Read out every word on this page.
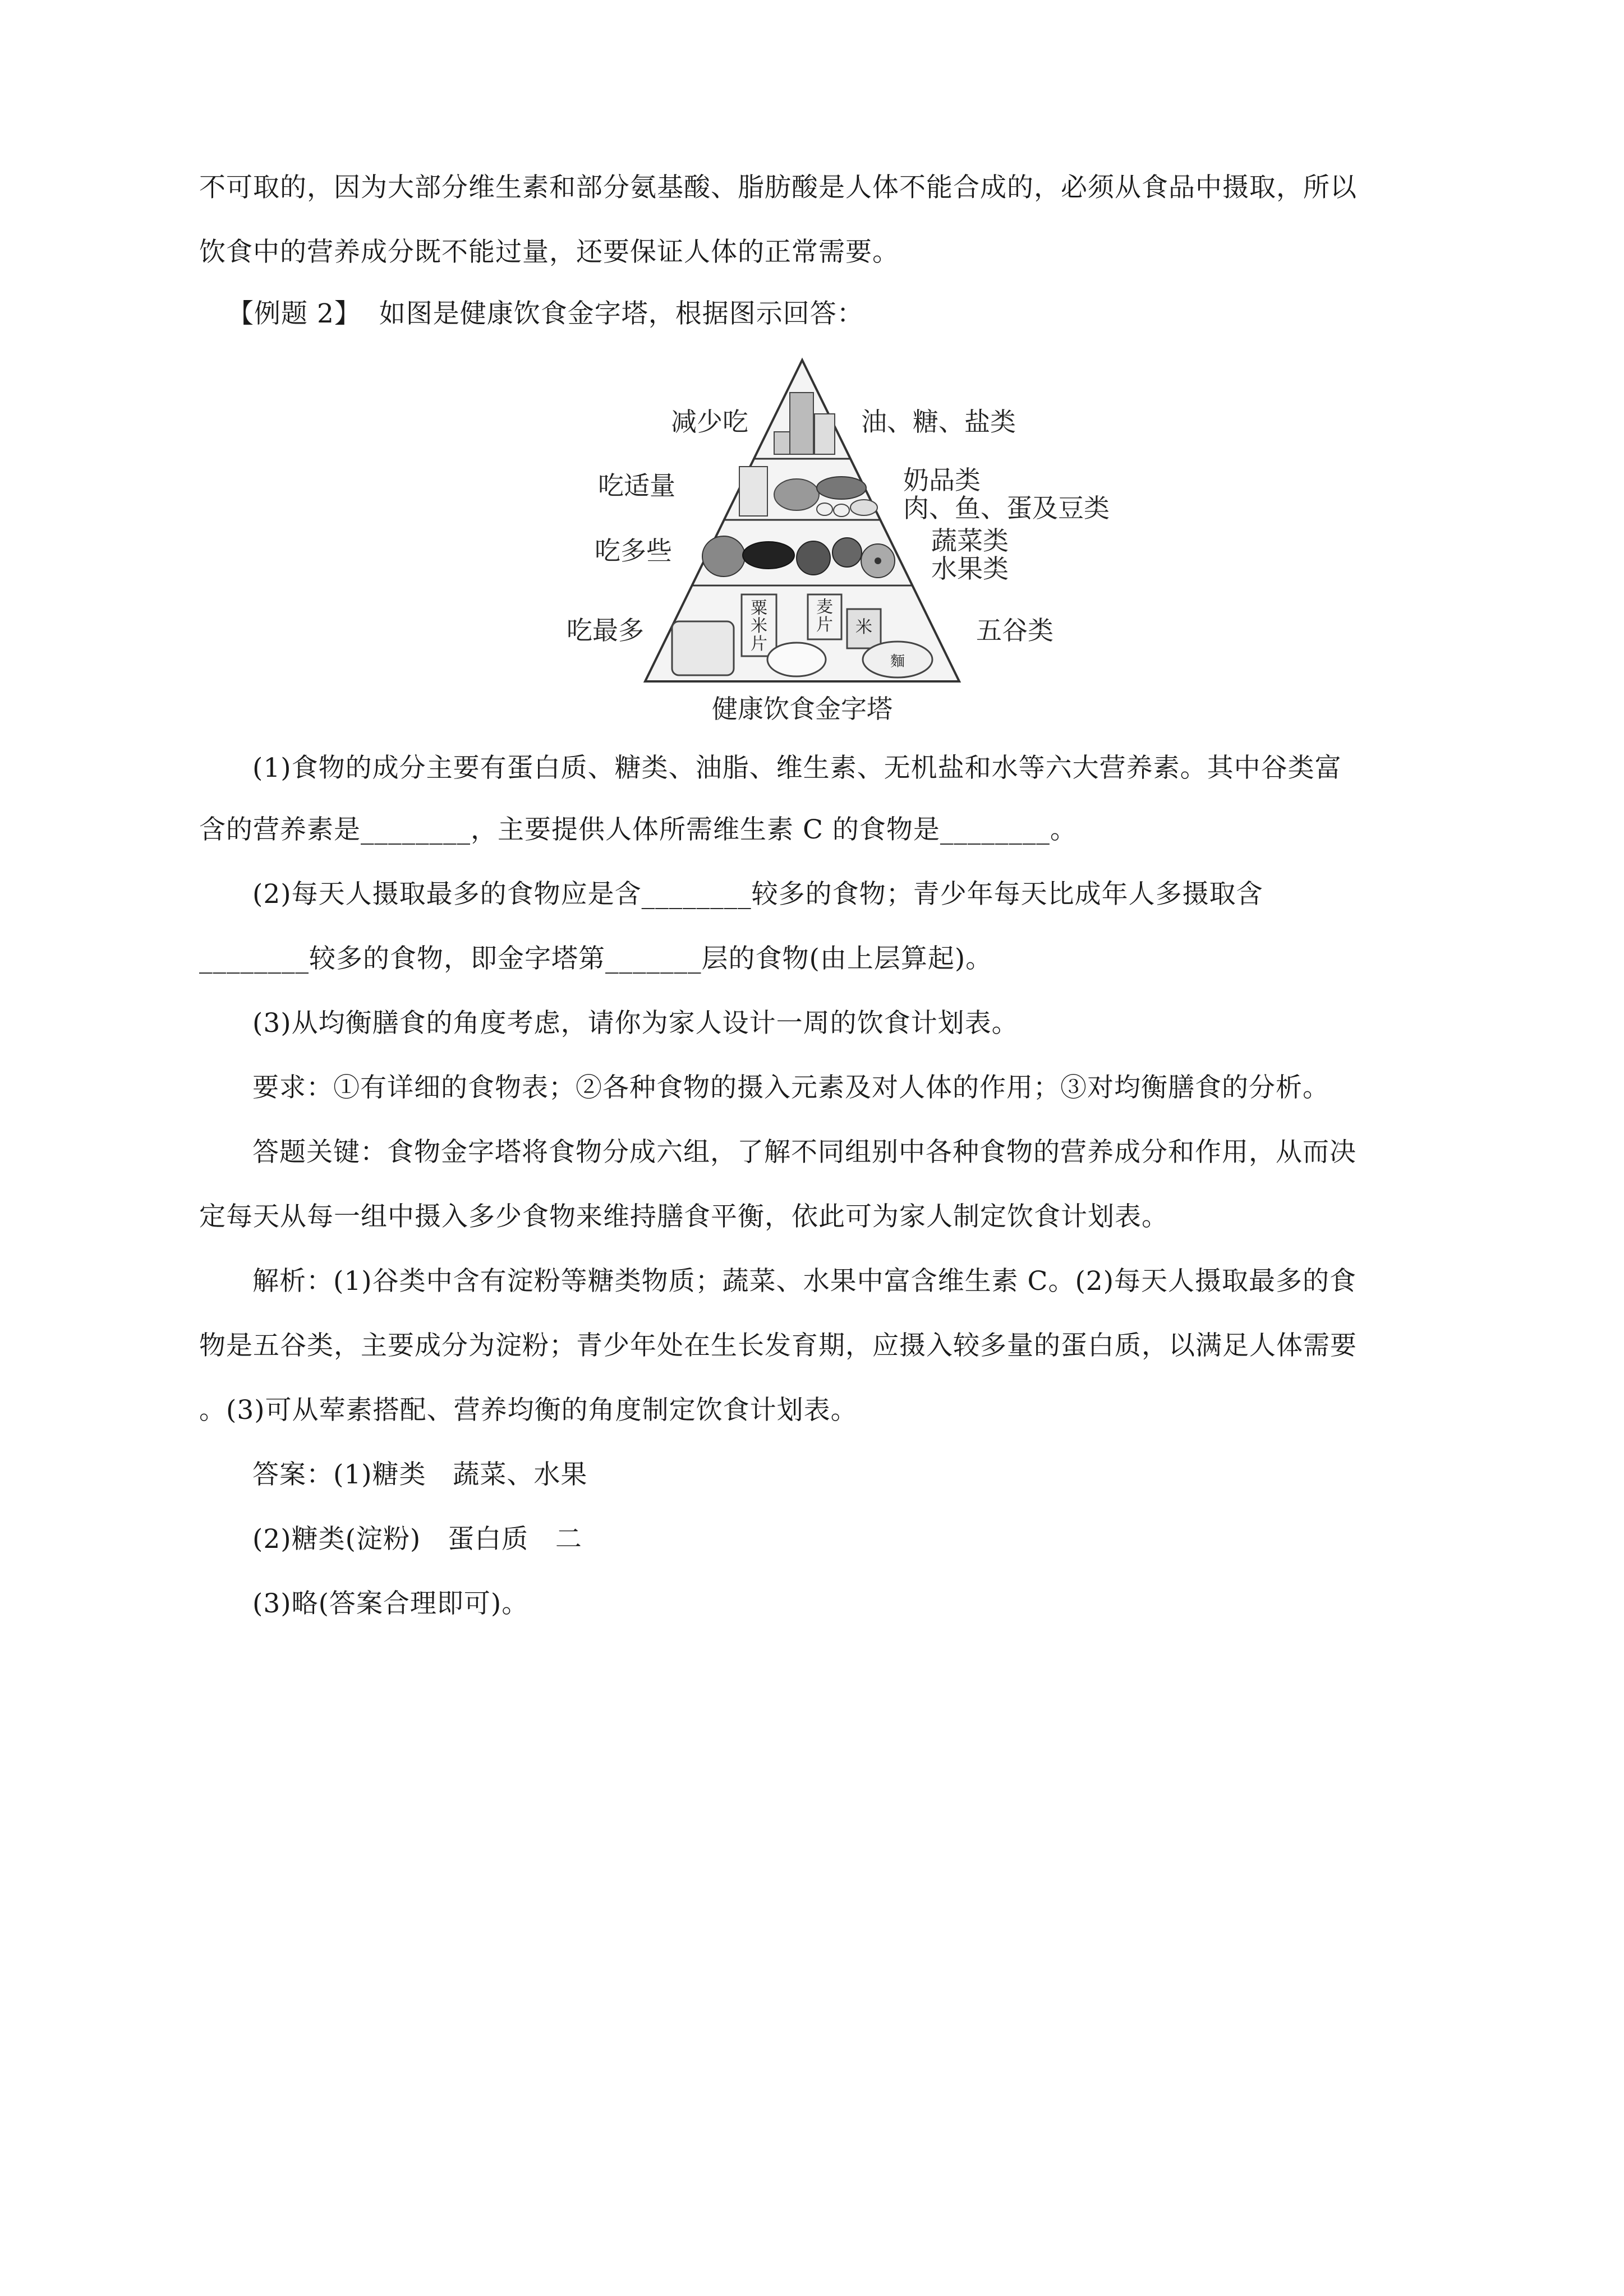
不可取的，因为大部分维生素和部分氨基酸、脂肪酸是人体不能合成的，必须从食品中摄取，所以
饮食中的营养成分既不能过量，还要保证人体的正常需要。
【例题 2】  如图是健康饮食金字塔，根据图示回答：
粟
米
片
麦
片 米
麵
减少吃
吃适量
吃多些
吃最多
油、糖、盐类
奶品类
肉、鱼、蛋及豆类
蔬菜类
水果类
五谷类
健康饮食金字塔
(1)食物的成分主要有蛋白质、糖类、油脂、维生素、无机盐和水等六大营养素。其中谷类富
含的营养素是________，主要提供人体所需维生素 C 的食物是________。
(2)每天人摄取最多的食物应是含________较多的食物；青少年每天比成年人多摄取含
________较多的食物，即金字塔第_______层的食物(由上层算起)。
(3)从均衡膳食的角度考虑，请你为家人设计一周的饮食计划表。
要求：①有详细的食物表；②各种食物的摄入元素及对人体的作用；③对均衡膳食的分析。
答题关键：食物金字塔将食物分成六组，了解不同组别中各种食物的营养成分和作用，从而决
定每天从每一组中摄入多少食物来维持膳食平衡，依此可为家人制定饮食计划表。
解析：(1)谷类中含有淀粉等糖类物质；蔬菜、水果中富含维生素 C。(2)每天人摄取最多的食
物是五谷类，主要成分为淀粉；青少年处在生长发育期，应摄入较多量的蛋白质，以满足人体需要
。(3)可从荤素搭配、营养均衡的角度制定饮食计划表。
答案：(1)糖类   蔬菜、水果
(2)糖类(淀粉)   蛋白质   二
(3)略(答案合理即可)。
